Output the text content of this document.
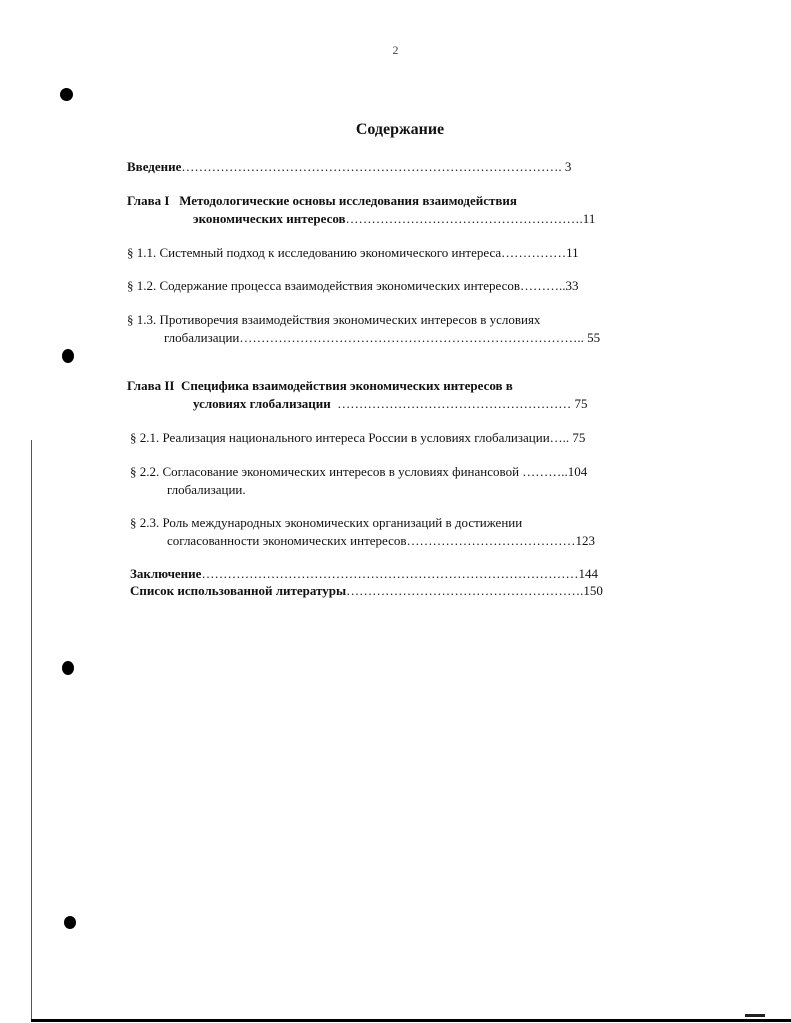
2
Содержание
Введение……………………………………………………………………………. 3
Глава I Методологические основы исследования взаимодействия
экономических интересов……………………………………………….11
§ 1.1. Системный подход к исследованию экономического интереса……………11
§ 1.2. Содержание процесса взаимодействия экономических интересов………..33
§ 1.3. Противоречия взаимодействия экономических интересов в условиях
глобализации…………………………………………………………………….. 55
Глава II Специфика взаимодействия экономических интересов в
условиях глобализации ……………………………………………… 75
§ 2.1. Реализация национального интереса России в условиях глобализации….. 75
§ 2.2. Согласование экономических интересов в условиях финансовой ………..104
глобализации.
§ 2.3. Роль международных экономических организаций в достижении
согласованности экономических интересов…………………………………123
Заключение……………………………………………………………………………144
Список использованной литературы……………………………………………….150
